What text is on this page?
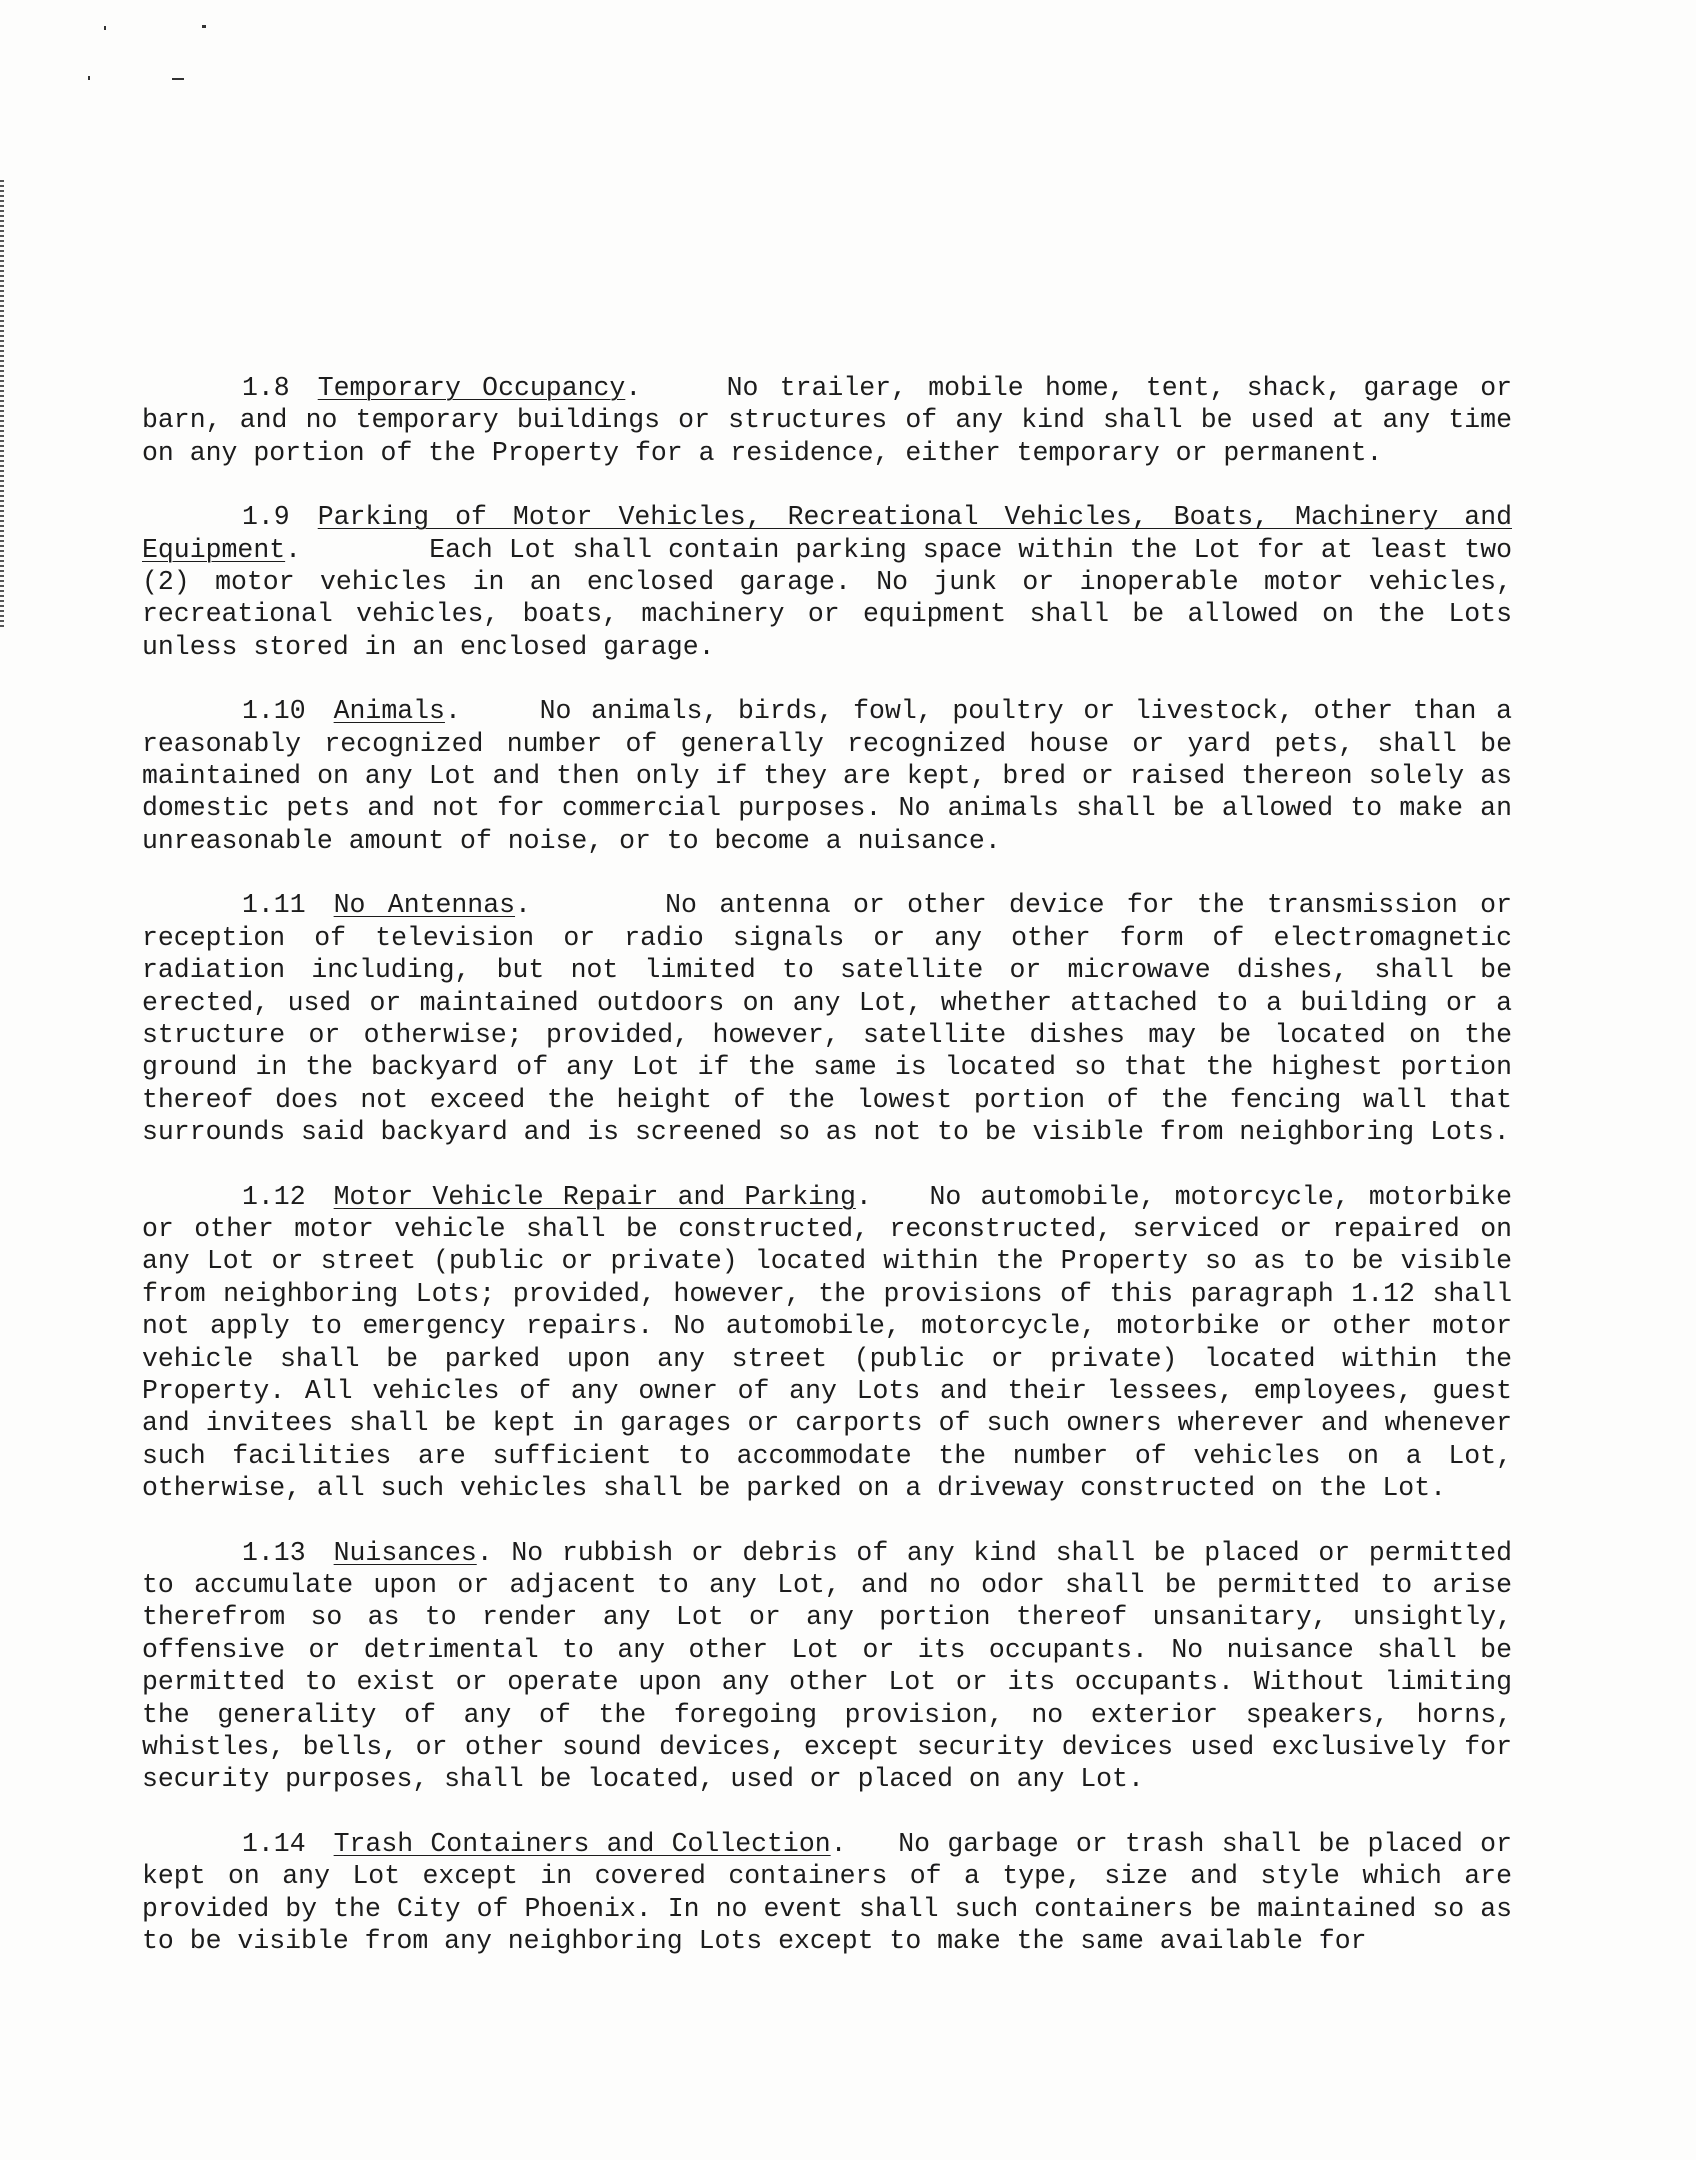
1.8 Temporary Occupancy.    No trailer, mobile home, tent, shack, garage or barn, and no temporary buildings or structures of any kind shall be used at any time on any portion of the Property for a residence, either temporary or permanent.

1.9 Parking of Motor Vehicles, Recreational Vehicles, Boats, Machinery and Equipment.        Each Lot shall contain parking space within the Lot for at least two (2) motor vehicles in an enclosed garage. No junk or inoperable motor vehicles, recreational vehicles, boats, machinery or equipment shall be allowed on the Lots unless stored in an enclosed garage.

1.10 Animals.    No animals, birds, fowl, poultry or livestock, other than a reasonably recognized number of generally recognized house or yard pets, shall be maintained on any Lot and then only if they are kept, bred or raised thereon solely as domestic pets and not for commercial purposes. No animals shall be allowed to make an unreasonable amount of noise, or to become a nuisance.

1.11 No Antennas.      No antenna or other device for the transmission or reception of television or radio signals or any other form of electromagnetic radiation including, but not limited to satellite or microwave dishes, shall be erected, used or maintained outdoors on any Lot, whether attached to a building or a structure or otherwise; provided, however, satellite dishes may be located on the ground in the backyard of any Lot if the same is located so that the highest portion thereof does not exceed the height of the lowest portion of the fencing wall that surrounds said backyard and is screened so as not to be visible from neighboring Lots.

1.12 Motor Vehicle Repair and Parking.   No automobile, motorcycle, motorbike or other motor vehicle shall be constructed, reconstructed, serviced or repaired on any Lot or street (public or private) located within the Property so as to be visible from neighboring Lots; provided, however, the provisions of this paragraph 1.12 shall not apply to emergency repairs. No automobile, motorcycle, motorbike or other motor vehicle shall be parked upon any street (public or private) located within the Property. All vehicles of any owner of any Lots and their lessees, employees, guest and invitees shall be kept in garages or carports of such owners wherever and whenever such facilities are sufficient to accommodate the number of vehicles on a Lot, otherwise, all such vehicles shall be parked on a driveway constructed on the Lot.

1.13 Nuisances. No rubbish or debris of any kind shall be placed or permitted to accumulate upon or adjacent to any Lot, and no odor shall be permitted to arise therefrom so as to render any Lot or any portion thereof unsanitary, unsightly, offensive or detrimental to any other Lot or its occupants. No nuisance shall be permitted to exist or operate upon any other Lot or its occupants. Without limiting the generality of any of the foregoing provision, no exterior speakers, horns, whistles, bells, or other sound devices, except security devices used exclusively for security purposes, shall be located, used or placed on any Lot.

1.14 Trash Containers and Collection.   No garbage or trash shall be placed or kept on any Lot except in covered containers of a type, size and style which are provided by the City of Phoenix. In no event shall such containers be maintained so as to be visible from any neighboring Lots except to make the same available for
